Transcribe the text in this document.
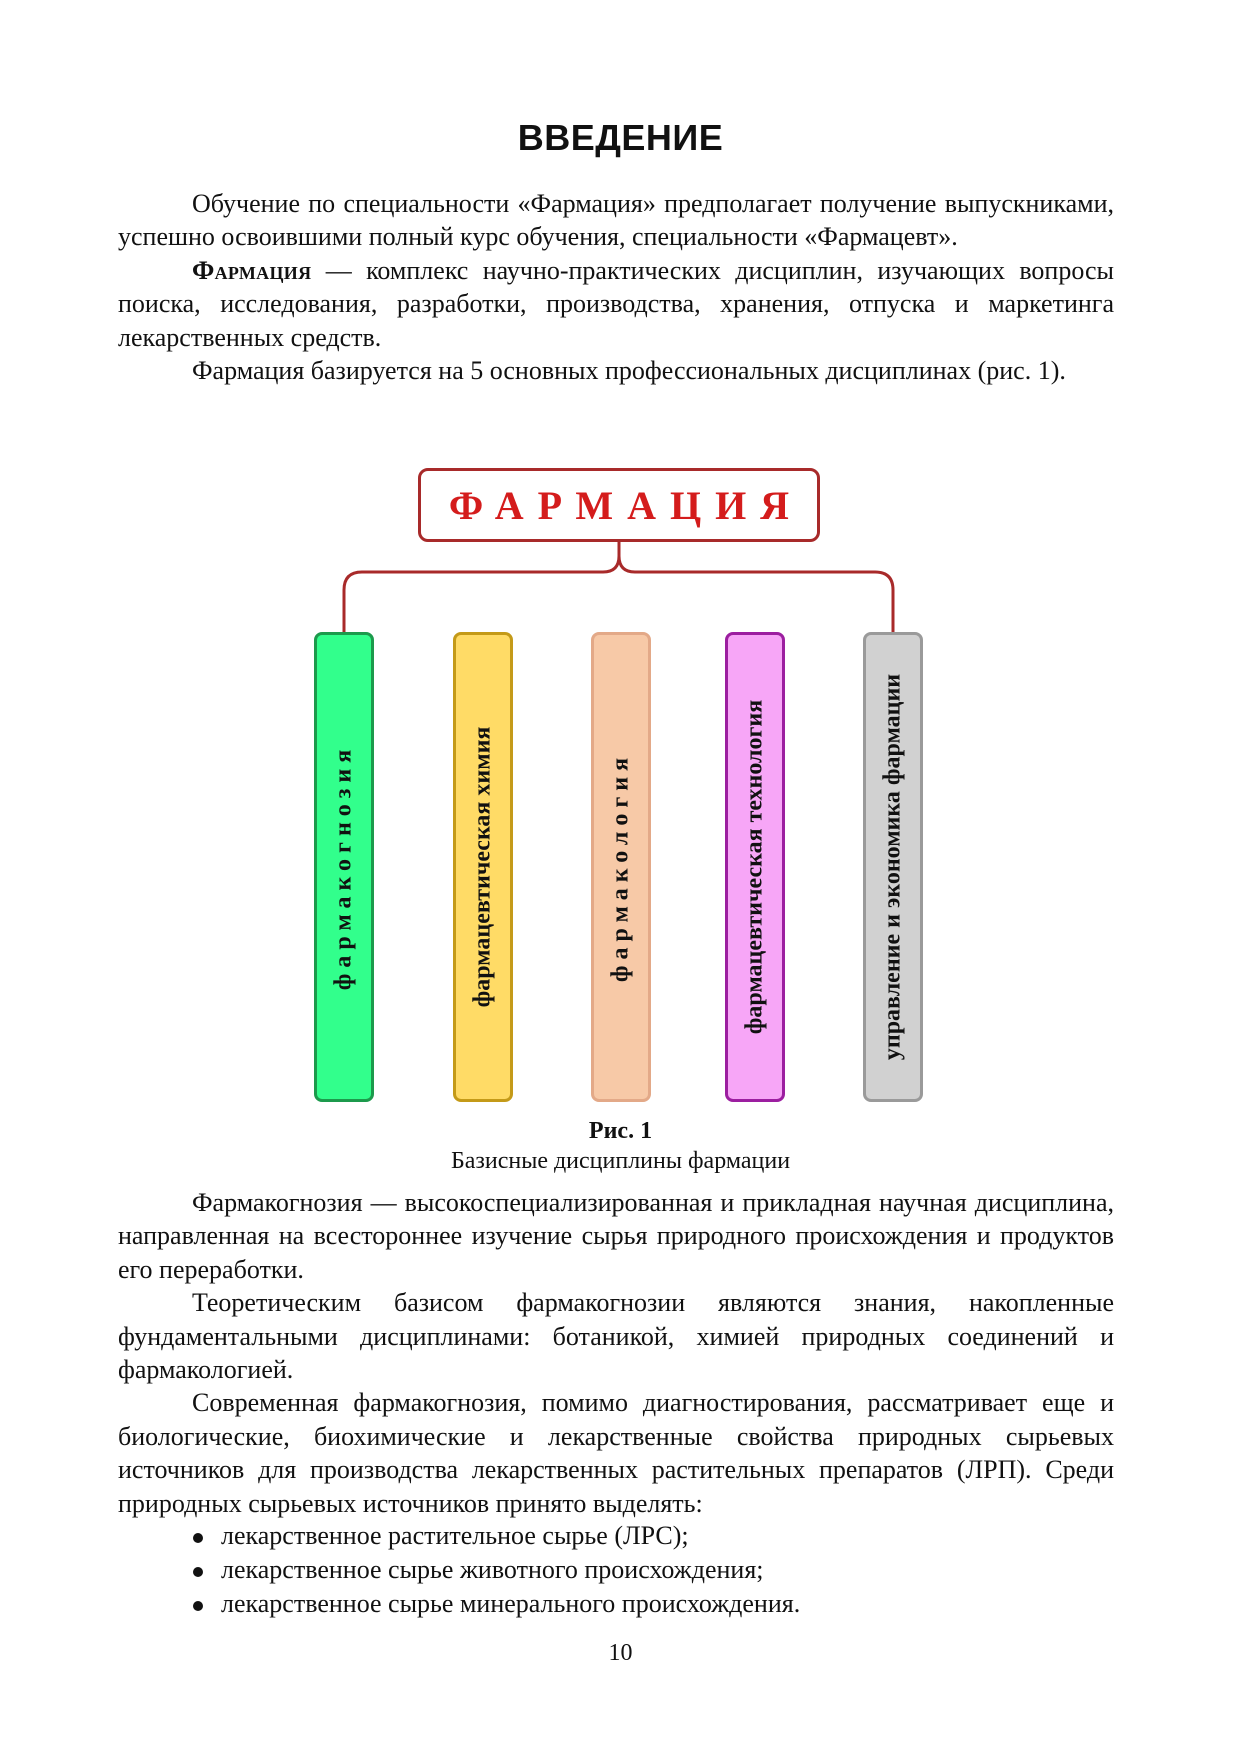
ВВЕДЕНИЕ

Обучение по специальности «Фармация» предполагает получение выпускниками, успешно освоившими полный курс обучения, специальности «Фармацевт».

Фармация — комплекс научно-практических дисциплин, изучающих вопросы поиска, исследования, разработки, производства, хранения, отпуска и маркетинга лекарственных средств.

Фармация базируется на 5 основных профессиональных дисциплинах (рис. 1).

ФАРМАЦИЯ
фармакогнозия	фармацевтическая химия	фармакология	фармацевтическая технология	управление и экономика фармации
Рис. 1
Базисные дисциплины фармации

Фармакогнозия — высокоспециализированная и прикладная научная дисциплина, направленная на всестороннее изучение сырья природного происхождения и продуктов его переработки.

Теоретическим базисом фармакогнозии являются знания, накопленные фундаментальными дисциплинами: ботаникой, химией природных соединений и фармакологией.

Современная фармакогнозия, помимо диагностирования, рассматривает еще и биологические, биохимические и лекарственные свойства природных сырьевых источников для производства лекарственных растительных препаратов (ЛРП). Среди природных сырьевых источников принято выделять:

лекарственное растительное сырье (ЛРС);
лекарственное сырье животного происхождения;
лекарственное сырье минерального происхождения.
10
